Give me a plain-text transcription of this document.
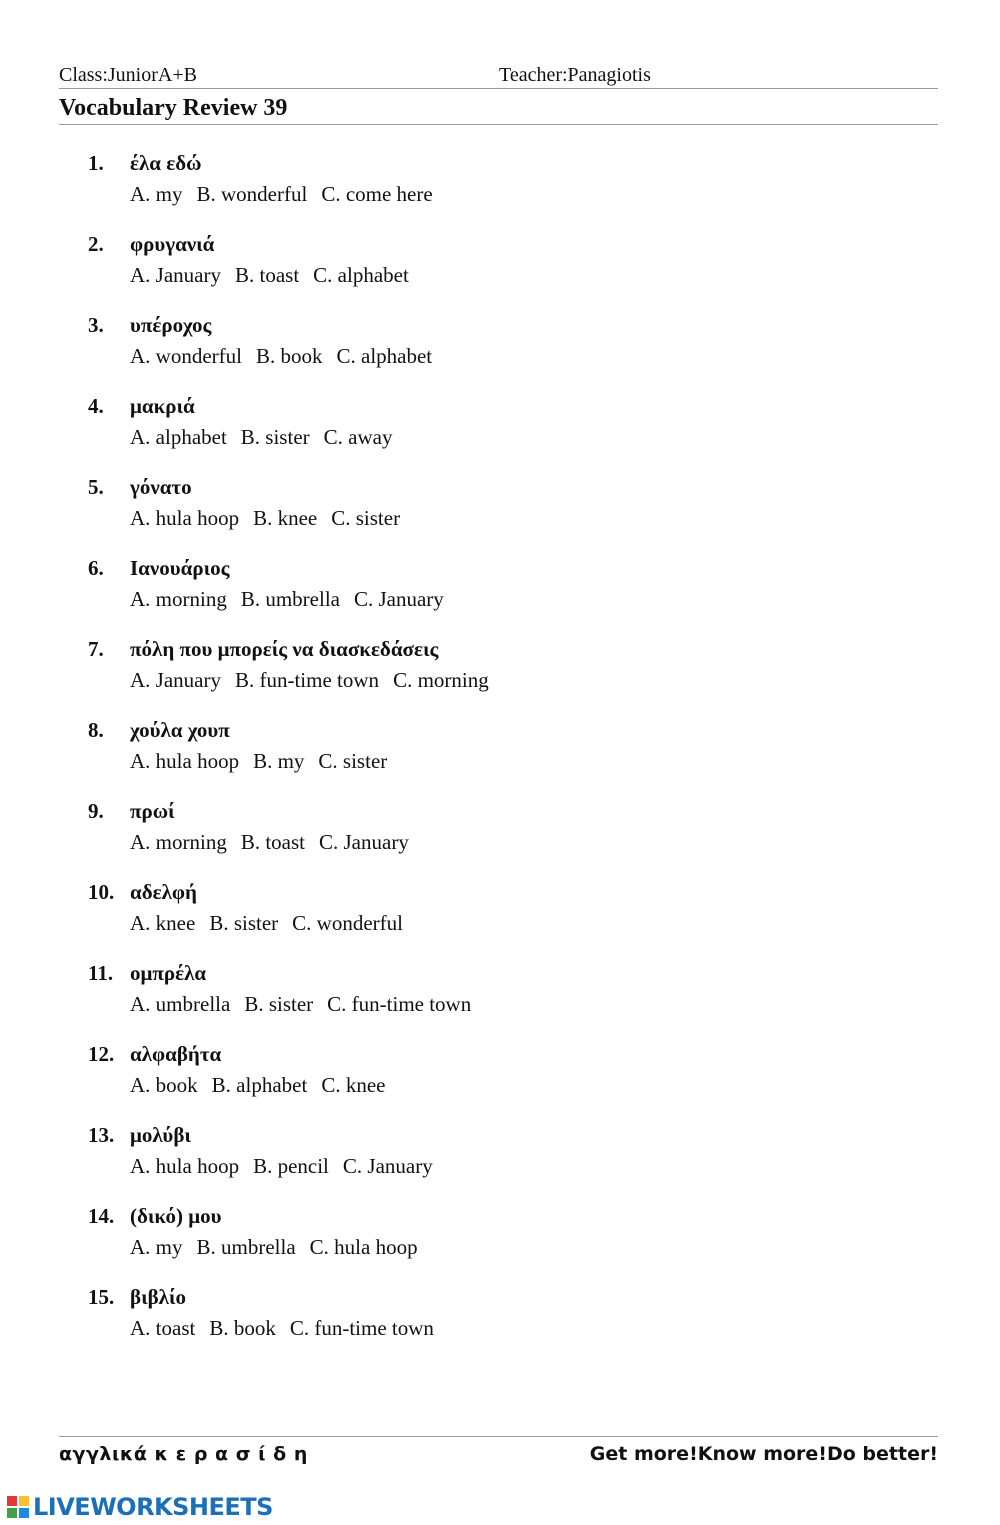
Class:JuniorA+B	Teacher:Panagiotis
Vocabulary Review 39
1. έλα εδώ
A. my B. wonderful C. come here
2. φρυγανιά
A. January B. toast C. alphabet
3. υπέροχος
A. wonderful B. book C. alphabet
4. μακριά
A. alphabet B. sister C. away
5. γόνατο
A. hula hoop B. knee C. sister
6. Ιανουάριος
A. morning B. umbrella C. January
7. πόλη που μπορείς να διασκεδάσεις
A. January B. fun-time town C. morning
8. χούλα χουπ
A. hula hoop B. my C. sister
9. πρωί
A. morning B. toast C. January
10. αδελφή
A. knee B. sister C. wonderful
11. ομπρέλα
A. umbrella B. sister C. fun-time town
12. αλφαβήτα
A. book B. alphabet C. knee
13. μολύβι
A. hula hoop B. pencil C. January
14. (δικό) μου
A. my B. umbrella C. hula hoop
15. βιβλίο
A. toast B. book C. fun-time town
αγγλικά κ ε ρ α σ ί δ η	Get more!Know more!Do better!
LIVEWORKSHEETS
